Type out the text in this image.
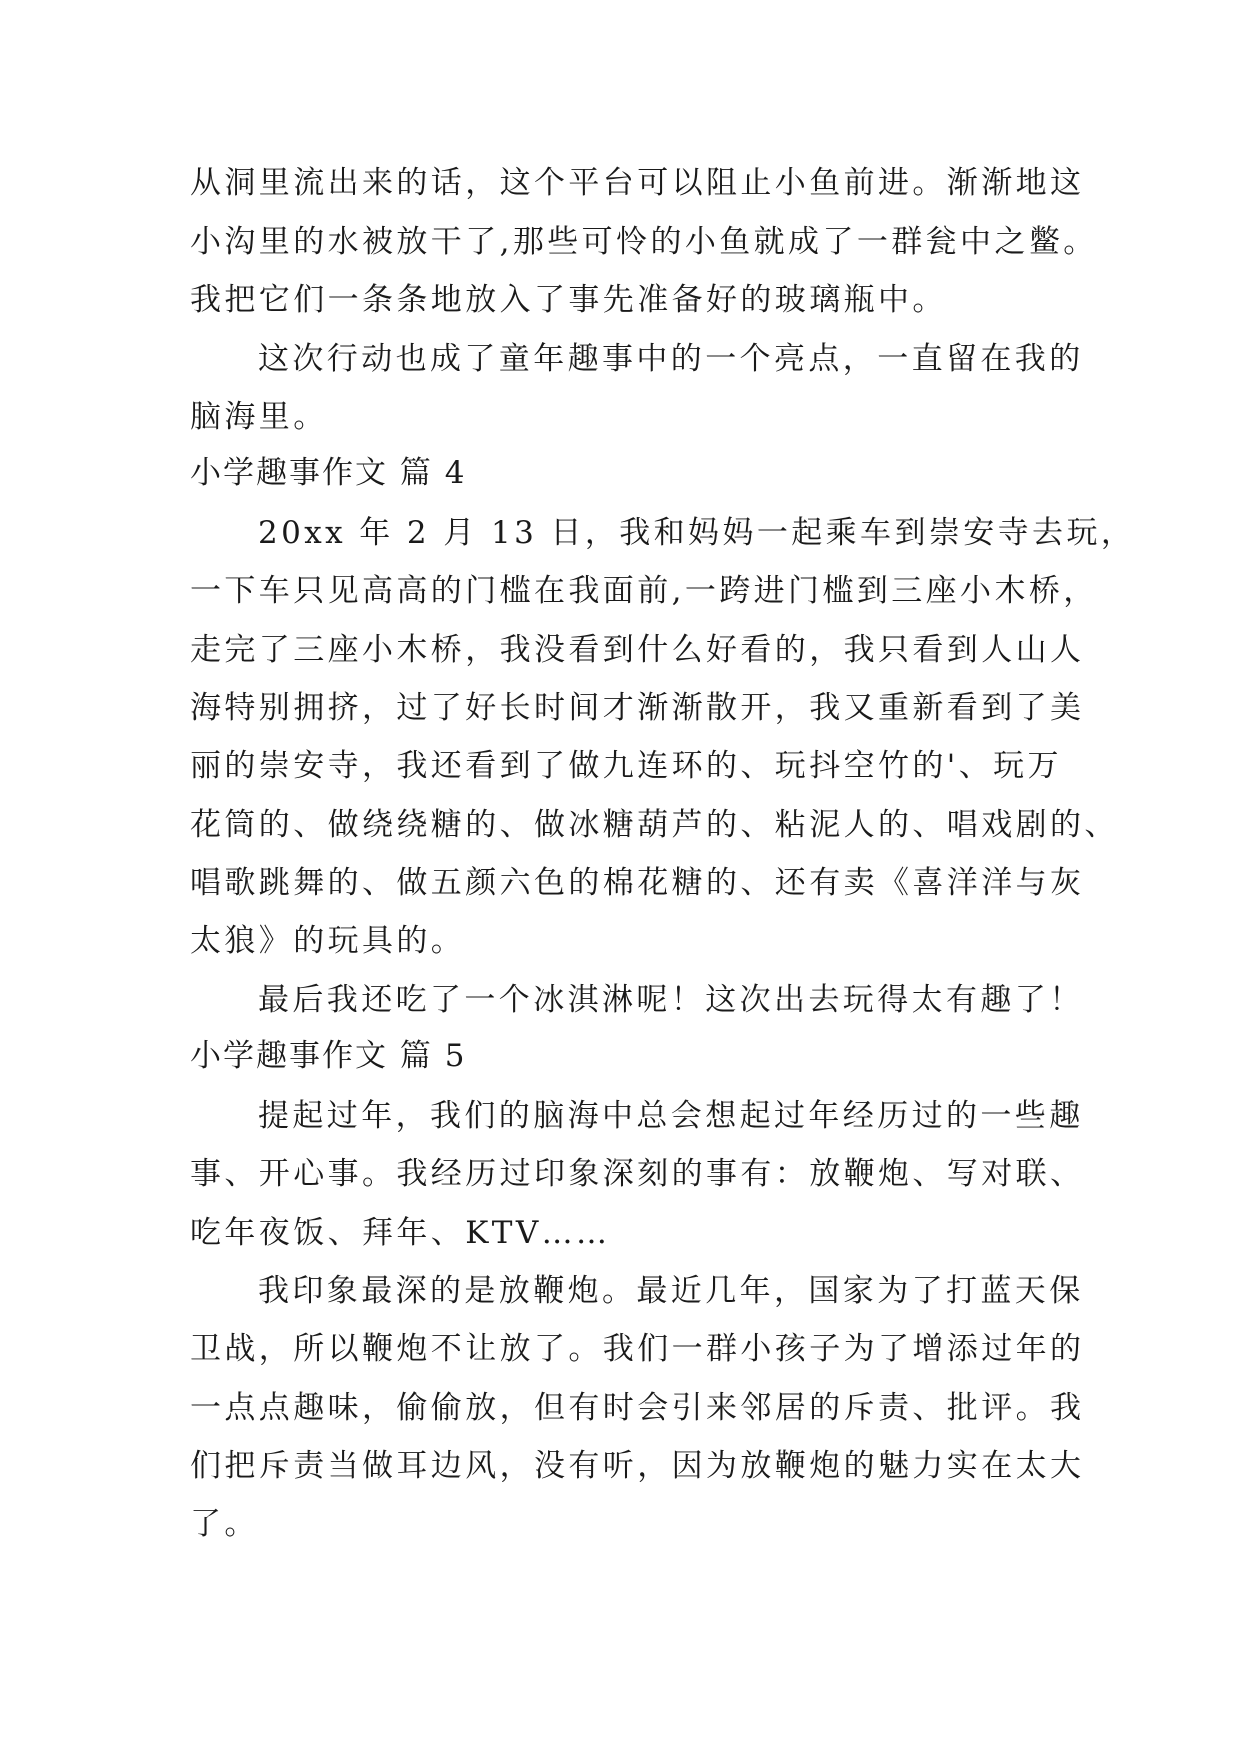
从洞里流出来的话，这个平台可以阻止小鱼前进。渐渐地这
小沟里的水被放干了,那些可怜的小鱼就成了一群瓮中之鳖。
我把它们一条条地放入了事先准备好的玻璃瓶中。
这次行动也成了童年趣事中的一个亮点，一直留在我的
脑海里。
小学趣事作文 篇 4
20xx 年 2 月 13 日，我和妈妈一起乘车到崇安寺去玩，
一下车只见高高的门槛在我面前,一跨进门槛到三座小木桥，
走完了三座小木桥，我没看到什么好看的，我只看到人山人
海特别拥挤，过了好长时间才渐渐散开，我又重新看到了美
丽的崇安寺，我还看到了做九连环的、玩抖空竹的'、玩万
花筒的、做绕绕糖的、做冰糖葫芦的、粘泥人的、唱戏剧的、
唱歌跳舞的、做五颜六色的棉花糖的、还有卖《喜洋洋与灰
太狼》的玩具的。
最后我还吃了一个冰淇淋呢！这次出去玩得太有趣了！
小学趣事作文 篇 5
提起过年，我们的脑海中总会想起过年经历过的一些趣
事、开心事。我经历过印象深刻的事有：放鞭炮、写对联、
吃年夜饭、拜年、KTV……
我印象最深的是放鞭炮。最近几年，国家为了打蓝天保
卫战，所以鞭炮不让放了。我们一群小孩子为了增添过年的
一点点趣味，偷偷放，但有时会引来邻居的斥责、批评。我
们把斥责当做耳边风，没有听，因为放鞭炮的魅力实在太大
了。
